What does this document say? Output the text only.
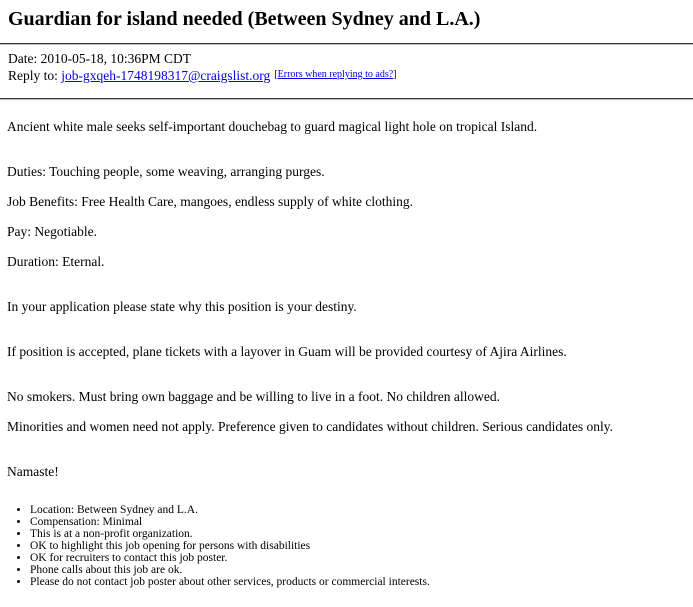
Guardian for island needed (Between Sydney and L.A.)
Date: 2010-05-18, 10:36PM CDT
Reply to: job-gxqeh-1748198317@craigslist.org [Errors when replying to ads?]

Ancient white male seeks self-important douchebag to guard magical light hole on tropical Island.

Duties: Touching people, some weaving, arranging purges.

Job Benefits: Free Health Care, mangoes, endless supply of white clothing.

Pay: Negotiable.

Duration: Eternal.

In your application please state why this position is your destiny.

If position is accepted, plane tickets with a layover in Guam will be provided courtesy of Ajira Airlines.

No smokers. Must bring own baggage and be willing to live in a foot. No children allowed.

Minorities and women need not apply. Preference given to candidates without children. Serious candidates only.

Namaste!

• Location: Between Sydney and L.A.
• Compensation: Minimal
• This is at a non-profit organization.
• OK to highlight this job opening for persons with disabilities
• OK for recruiters to contact this job poster.
• Phone calls about this job are ok.
• Please do not contact job poster about other services, products or commercial interests.
